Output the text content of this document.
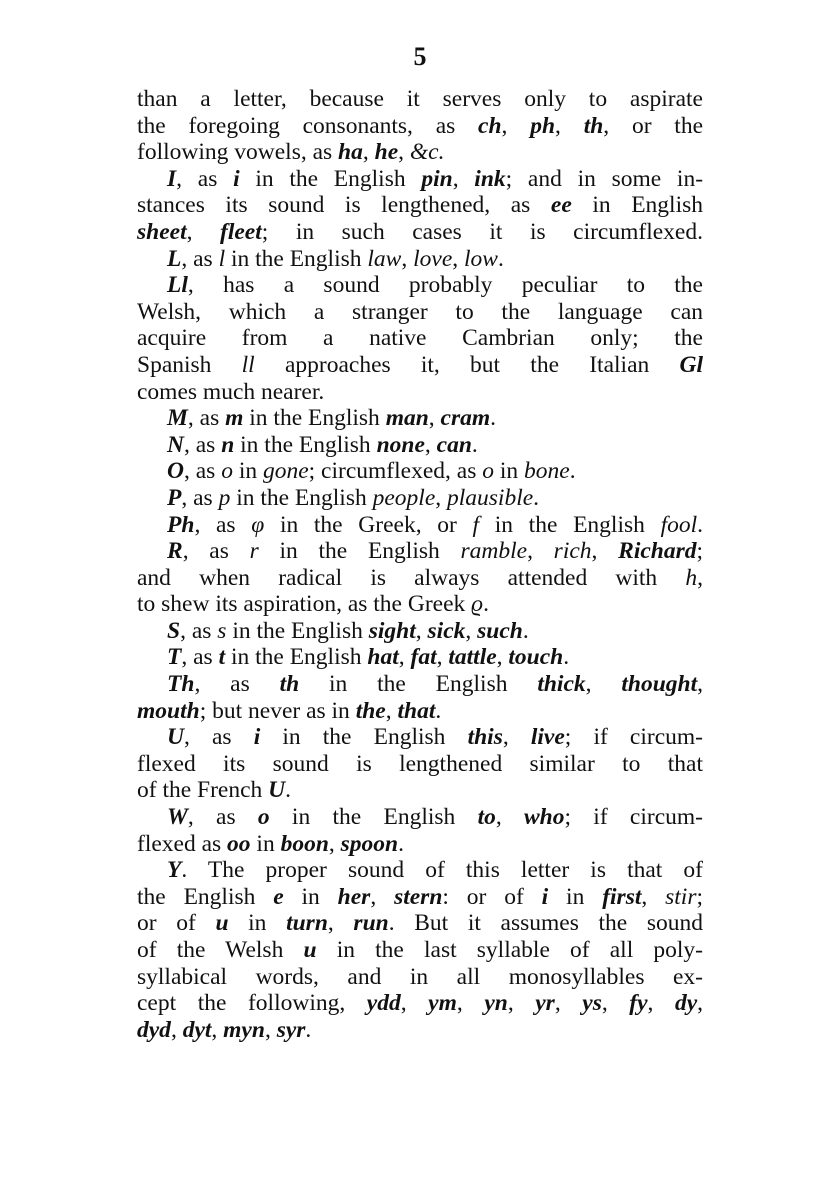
5
than a letter, because it serves only to aspirate
the foregoing consonants, as ch, ph, th, or the
following vowels, as ha, he, &c.
I, as i in the English pin, ink; and in some in-
stances its sound is lengthened, as ee in English
sheet, fleet; in such cases it is circumflexed.
L, as l in the English law, love, low.
Ll, has a sound probably peculiar to the
Welsh, which a stranger to the language can
acquire from a native Cambrian only; the
Spanish ll approaches it, but the Italian Gl
comes much nearer.
M, as m in the English man, cram.
N, as n in the English none, can.
O, as o in gone; circumflexed, as o in bone.
P, as p in the English people, plausible.
Ph, as φ in the Greek, or f in the English fool.
R, as r in the English ramble, rich, Richard;
and when radical is always attended with h,
to shew its aspiration, as the Greek ϱ.
S, as s in the English sight, sick, such.
T, as t in the English hat, fat, tattle, touch.
Th, as th in the English thick, thought,
mouth; but never as in the, that.
U, as i in the English this, live; if circum-
flexed its sound is lengthened similar to that
of the French U.
W, as o in the English to, who; if circum-
flexed as oo in boon, spoon.
Y. The proper sound of this letter is that of
the English e in her, stern: or of i in first, stir;
or of u in turn, run. But it assumes the sound
of the Welsh u in the last syllable of all poly-
syllabical words, and in all monosyllables ex-
cept the following, ydd, ym, yn, yr, ys, fy, dy,
dyd, dyt, myn, syr.
